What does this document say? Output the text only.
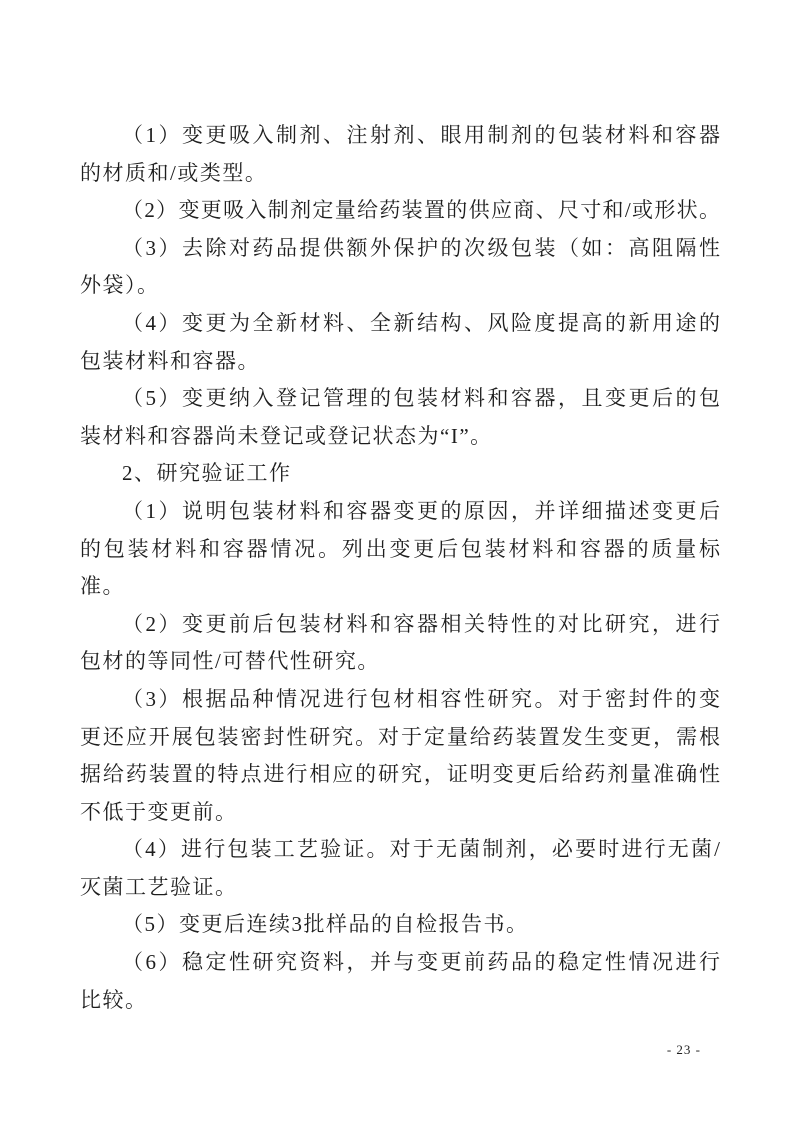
（1）变更吸入制剂、注射剂、眼用制剂的包装材料和容器
的材质和/或类型。
（2）变更吸入制剂定量给药装置的供应商、尺寸和/或形状。
（3）去除对药品提供额外保护的次级包装（如：高阻隔性
外袋）。
（4）变更为全新材料、全新结构、风险度提高的新用途的
包装材料和容器。
（5）变更纳入登记管理的包装材料和容器，且变更后的包
装材料和容器尚未登记或登记状态为“I”。
2、研究验证工作
（1）说明包装材料和容器变更的原因，并详细描述变更后
的包装材料和容器情况。列出变更后包装材料和容器的质量标
准。
（2）变更前后包装材料和容器相关特性的对比研究，进行
包材的等同性/可替代性研究。
（3）根据品种情况进行包材相容性研究。对于密封件的变
更还应开展包装密封性研究。对于定量给药装置发生变更，需根
据给药装置的特点进行相应的研究，证明变更后给药剂量准确性
不低于变更前。
（4）进行包装工艺验证。对于无菌制剂，必要时进行无菌/
灭菌工艺验证。
（5）变更后连续3批样品的自检报告书。
（6）稳定性研究资料，并与变更前药品的稳定性情况进行
比较。
- 23 -
